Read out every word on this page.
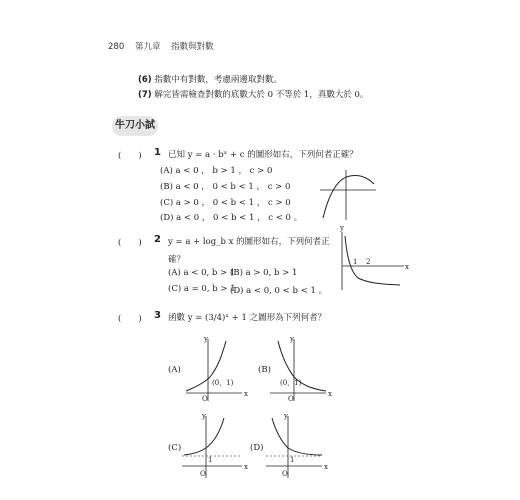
280 第九章 指數與對數
(6) 指數中有對數，考慮兩邊取對數。
(7) 解完皆需檢查對數的底數大於 0 不等於 1，真數大於 0。
牛刀小試
(　　) 1 已知 y = a · bˣ + c 的圖形如右，下列何者正確？
(A) a < 0 ， b > 1 ， c > 0
(B) a < 0 ， 0 < b < 1 ， c > 0
(C) a > 0 ， 0 < b < 1 ， c > 0
(D) a < 0 ， 0 < b < 1 ， c < 0 。
(　　) 2 y = a + log_b x 的圖形如右，下列何者正
確？
(A) a < 0, b > 1
(B) a > 0, b > 1
(C) a = 0, b > 1
(D) a < 0, 0 < b < 1 。
y
x
1 2
(　　) 3 函數 y = (3/4)ˣ + 1 之圖形為下列何者？
(A)
y
x
O
(0，1)
(B)
y
x
O
(0，1)
(C)
y
x
O
1
(D)
y
x
O
1
